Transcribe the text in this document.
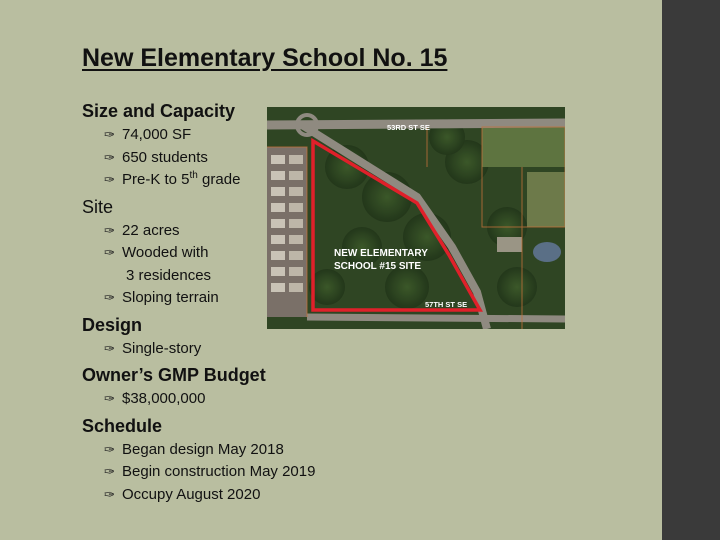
New Elementary School No. 15

Size and Capacity

✑ 74,000 SF
✑ 650 students
✑ Pre-K to 5th grade

Site

✑ 22 acres
✑ Wooded with
3 residences
✑ Sloping terrain

Design

✑ Single-story

Owner’s GMP Budget

✑ $38,000,000

Schedule

✑ Began design May 2018
✑ Begin construction May 2019
✑ Occupy August 2020
53RD ST SE
NEW ELEMENTARY
SCHOOL #15 SITE
57TH ST SE
